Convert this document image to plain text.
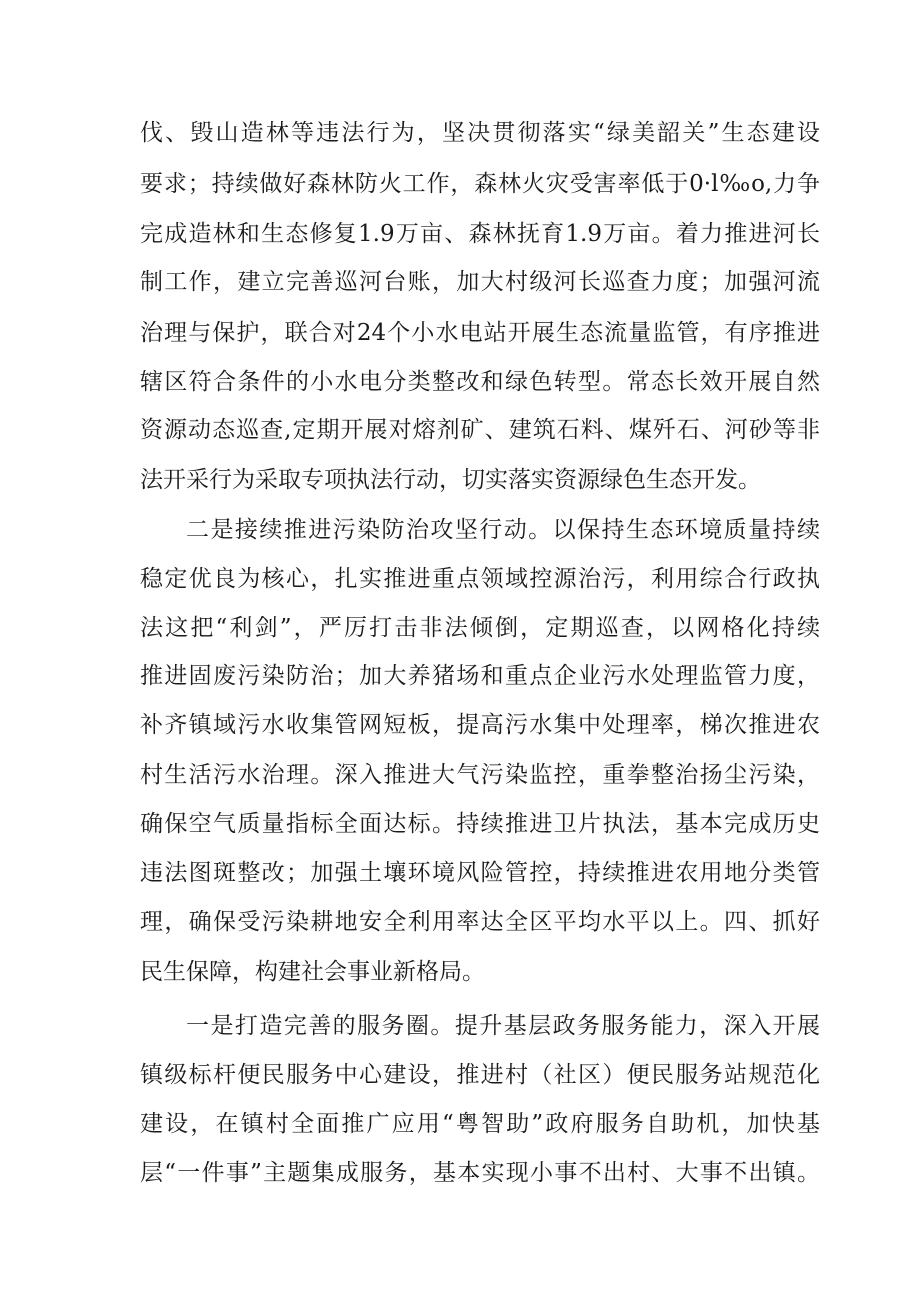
伐、毁山造林等违法行为，坚决贯彻落实“绿美韶关”生态建设
要求；持续做好森林防火工作，森林火灾受害率低于0·l‰o,力争
完成造林和生态修复1.9万亩、森林抚育1.9万亩。着力推进河长
制工作，建立完善巡河台账，加大村级河长巡查力度；加强河流
治理与保护，联合对24个小水电站开展生态流量监管，有序推进
辖区符合条件的小水电分类整改和绿色转型。常态长效开展自然
资源动态巡查,定期开展对熔剂矿、建筑石料、煤歼石、河砂等非
法开采行为采取专项执法行动，切实落实资源绿色生态开发。
二是接续推进污染防治攻坚行动。以保持生态环境质量持续
稳定优良为核心，扎实推进重点领域控源治污，利用综合行政执
法这把“利剑”，严厉打击非法倾倒，定期巡查，以网格化持续
推进固废污染防治；加大养猪场和重点企业污水处理监管力度，
补齐镇域污水收集管网短板，提高污水集中处理率，梯次推进农
村生活污水治理。深入推进大气污染监控，重拳整治扬尘污染，
确保空气质量指标全面达标。持续推进卫片执法，基本完成历史
违法图斑整改；加强土壤环境风险管控，持续推进农用地分类管
理，确保受污染耕地安全利用率达全区平均水平以上。四、抓好
民生保障，构建社会事业新格局。
一是打造完善的服务圈。提升基层政务服务能力，深入开展
镇级标杆便民服务中心建设，推进村（社区）便民服务站规范化
建设，在镇村全面推广应用“粤智助”政府服务自助机，加快基
层“一件事”主题集成服务，基本实现小事不出村、大事不出镇。
